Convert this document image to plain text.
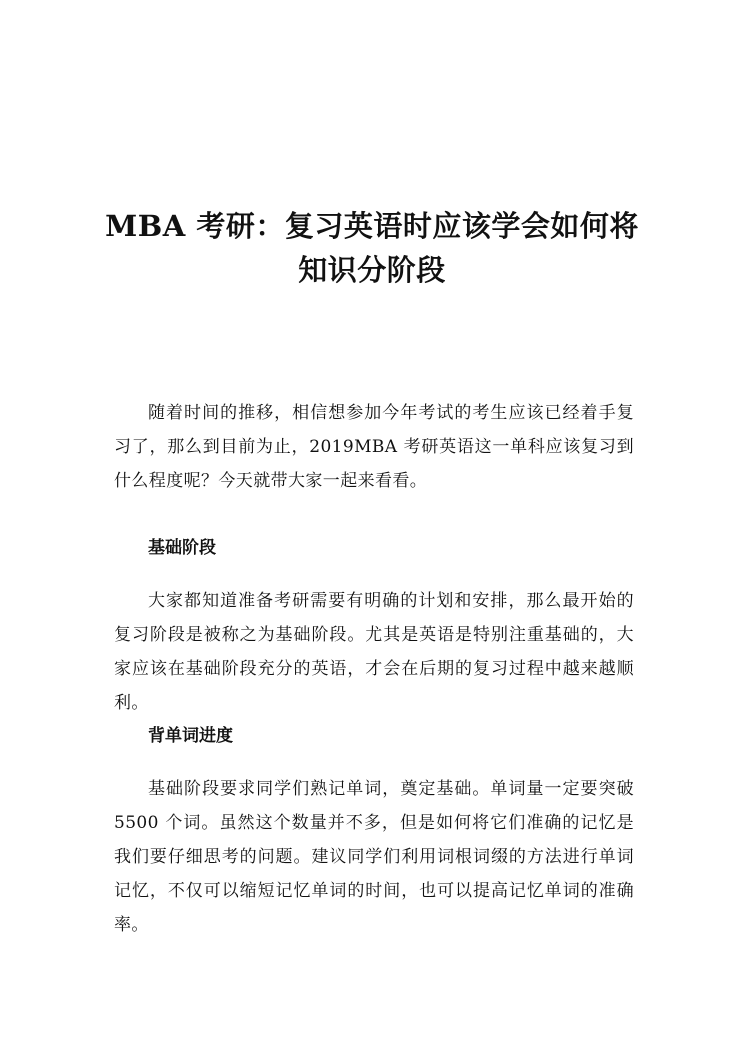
MBA 考研：复习英语时应该学会如何将
知识分阶段

随着时间的推移，相信想参加今年考试的考生应该已经着手复习了，那么到目前为止，2019MBA 考研英语这一单科应该复习到什么程度呢？今天就带大家一起来看看。

基础阶段

大家都知道准备考研需要有明确的计划和安排，那么最开始的复习阶段是被称之为基础阶段。尤其是英语是特别注重基础的，大家应该在基础阶段充分的英语，才会在后期的复习过程中越来越顺利。

背单词进度

基础阶段要求同学们熟记单词，奠定基础。单词量一定要突破 5500 个词。虽然这个数量并不多，但是如何将它们准确的记忆是我们要仔细思考的问题。建议同学们利用词根词缀的方法进行单词记忆，不仅可以缩短记忆单词的时间，也可以提高记忆单词的准确率。
